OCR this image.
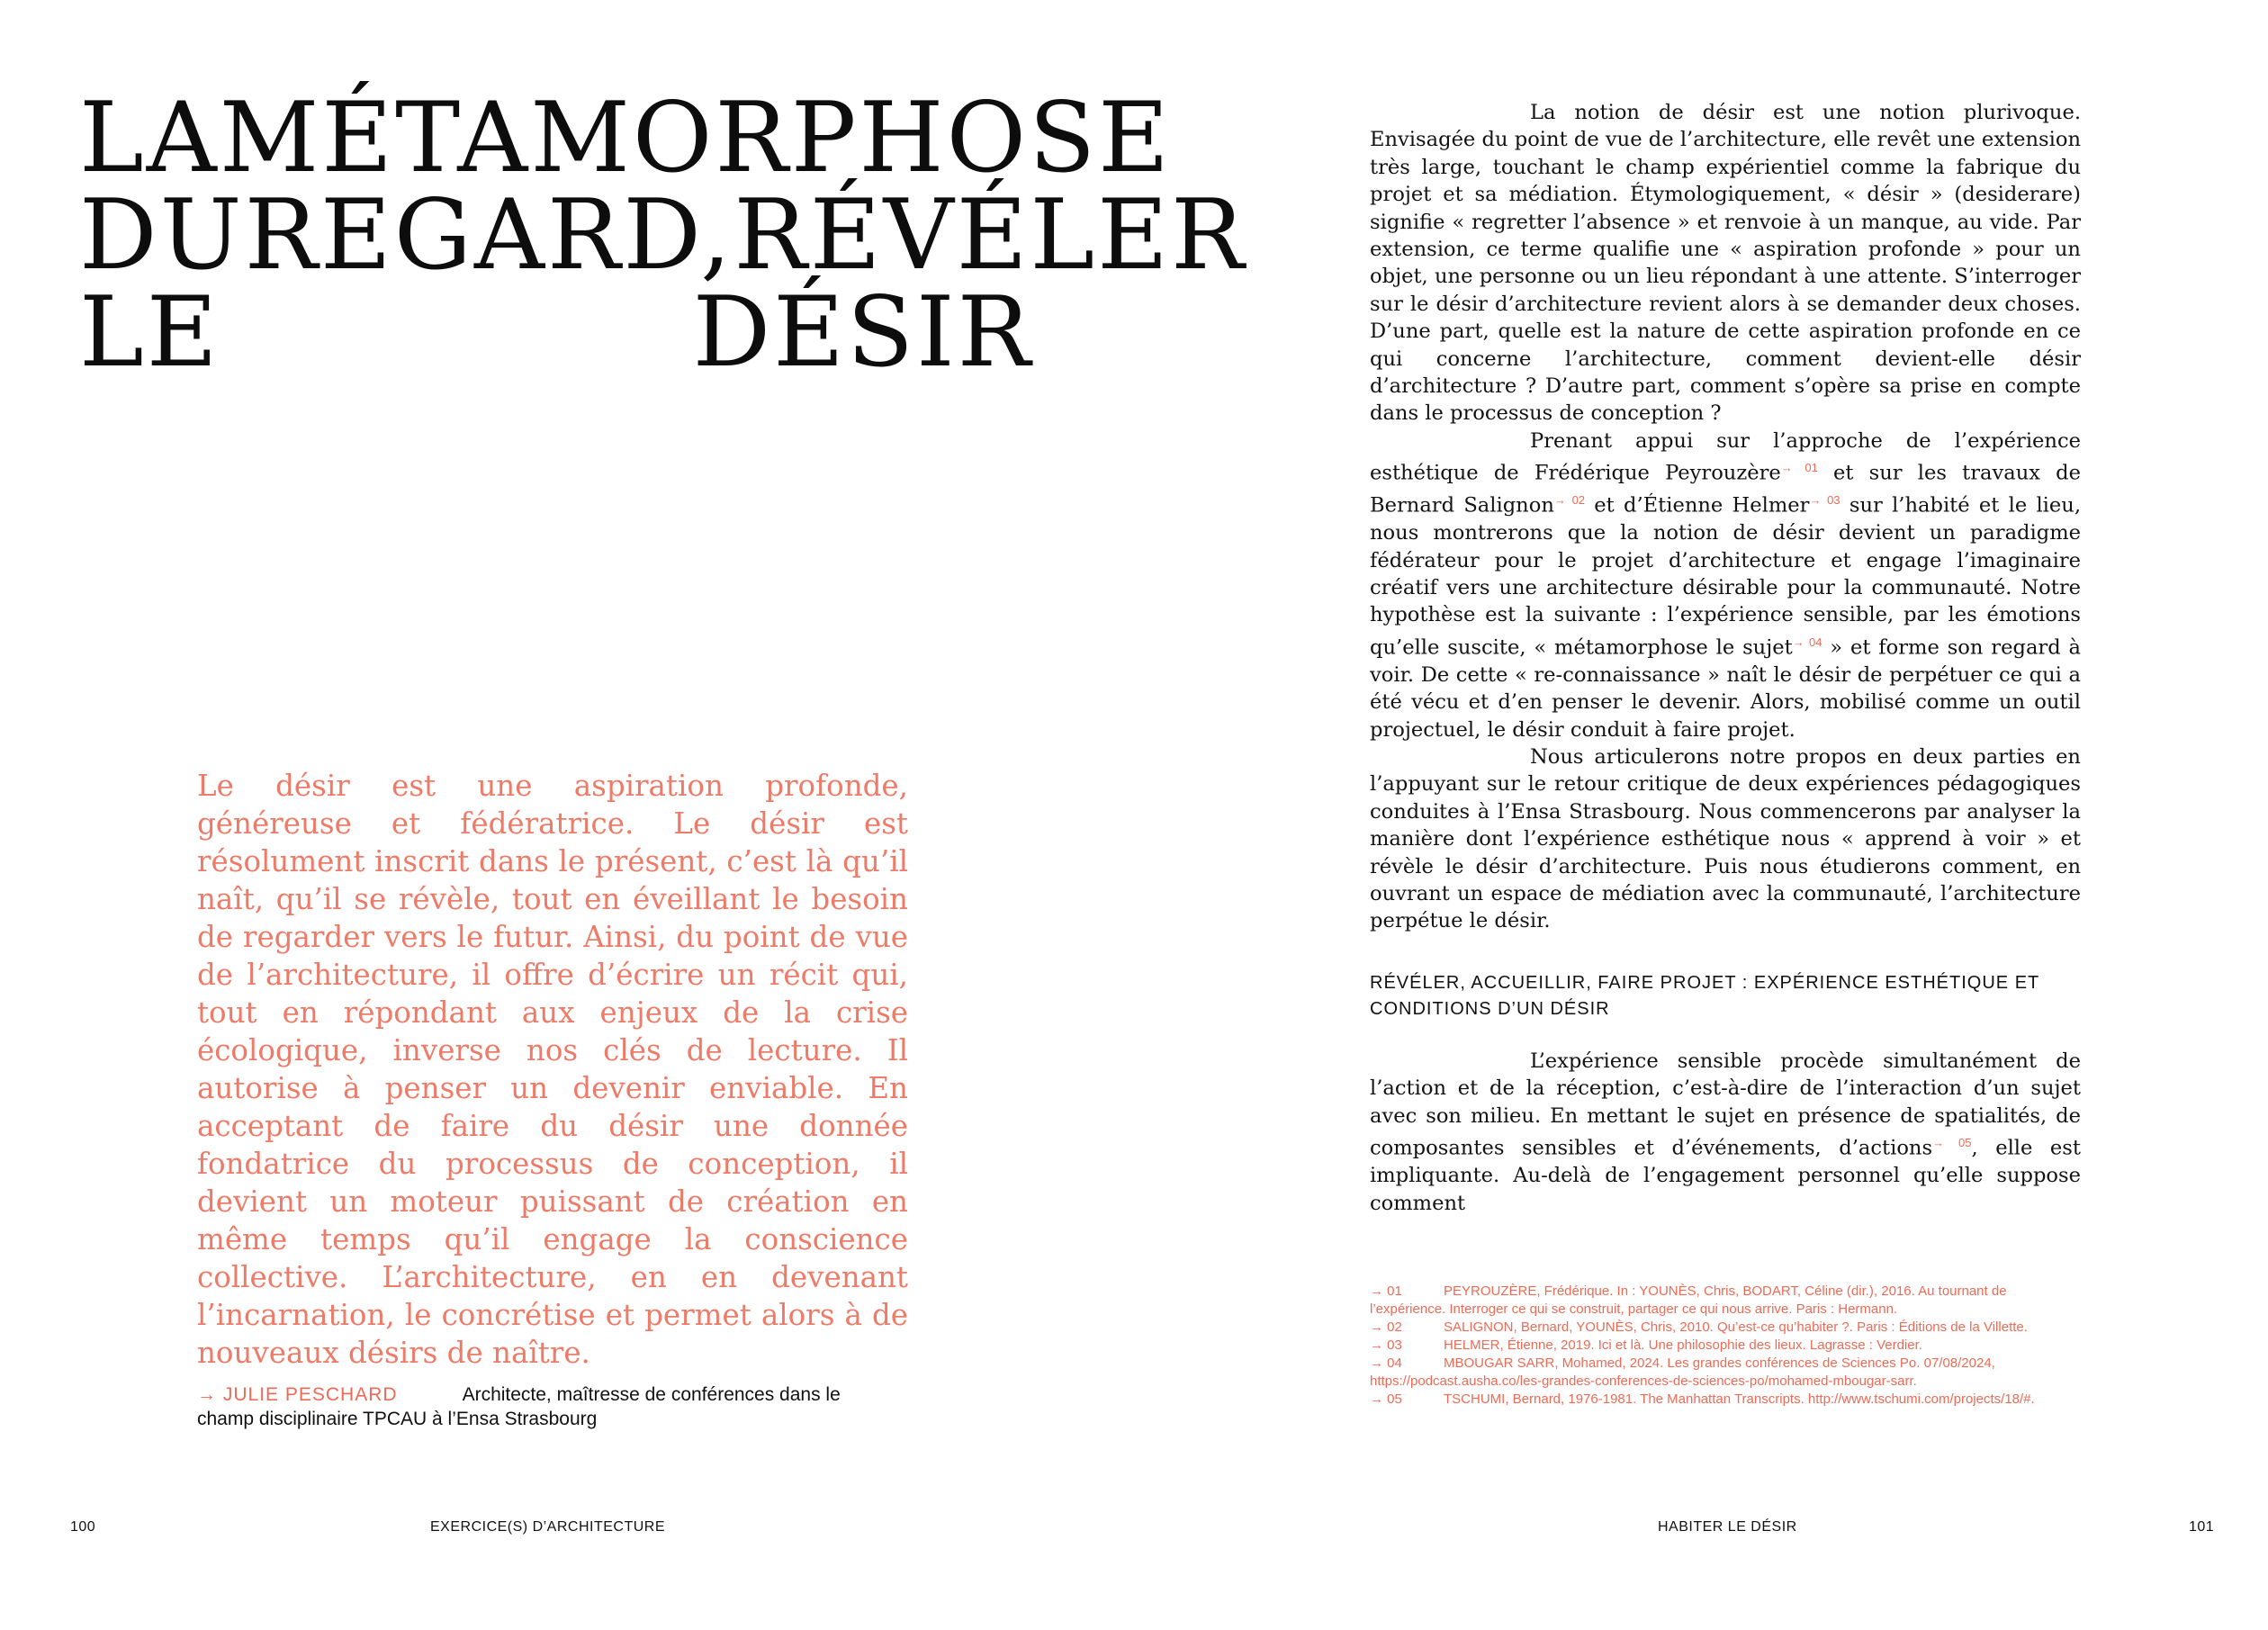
LA MÉTAMORPHOSE
DU REGARD, RÉVÉLER
LE	DÉSIR
Le désir est une aspiration profonde, généreuse et fédératrice. Le désir est résolument inscrit dans le présent, c’est là qu’il naît, qu’il se révèle, tout en éveillant le besoin de regarder vers le futur. Ainsi, du point de vue de l’architecture, il offre d’écrire un récit qui, tout en répondant aux enjeux de la crise écologique, inverse nos clés de lecture. Il autorise à penser un devenir enviable. En acceptant de faire du désir une donnée fondatrice du processus de conception, il devient un moteur puissant de création en même temps qu’il engage la conscience collective. L’architecture, en en devenant l’incarnation, le concrétise et permet alors à de nouveaux désirs de naître.
→ JULIE PESCHARD	Architecte, maîtresse de conférences dans le champ disciplinaire TPCAU à l’Ensa Strasbourg
100	EXERCICE(S) D’ARCHITECTURE

La notion de désir est une notion plurivoque. Envisagée du point de vue de l’architecture, elle revêt une extension très large, touchant le champ expérientiel comme la fabrique du projet et sa médiation. Étymologiquement, « désir » (desiderare) signifie « regretter l’absence » et renvoie à un manque, au vide. Par extension, ce terme qualifie une « aspiration profonde » pour un objet, une personne ou un lieu répondant à une attente. S’interroger sur le désir d’architecture revient alors à se demander deux choses. D’une part, quelle est la nature de cette aspiration profonde en ce qui concerne l’architecture, comment devient-elle désir d’architecture ? D’autre part, comment s’opère sa prise en compte dans le processus de conception ?

Prenant appui sur l’approche de l’expérience esthétique de Frédérique Peyrouzère$^{\to 01}$ et sur les travaux de Bernard Salignon$^{\to 02}$ et d’Étienne Helmer$^{\to 03}$ sur l’habité et le lieu, nous montrerons que la notion de désir devient un paradigme fédérateur pour le projet d’architecture et engage l’imaginaire créatif vers une architecture désirable pour la communauté. Notre hypothèse est la suivante : l’expérience sensible, par les émotions qu’elle suscite, « métamorphose le sujet$^{\to 04}$ » et forme son regard à voir. De cette « re-connaissance » naît le désir de perpétuer ce qui a été vécu et d’en penser le devenir. Alors, mobilisé comme un outil projectuel, le désir conduit à faire projet.

Nous articulerons notre propos en deux parties en l’appuyant sur le retour critique de deux expériences pédagogiques conduites à l’Ensa Strasbourg. Nous commencerons par analyser la manière dont l’expérience esthétique nous « apprend à voir » et révèle le désir d’architecture. Puis nous étudierons comment, en ouvrant un espace de médiation avec la communauté, l’architecture perpétue le désir.

RÉVÉLER, ACCUEILLIR, FAIRE PROJET : EXPÉRIENCE ESTHÉTIQUE ET CONDITIONS D’UN DÉSIR

L’expérience sensible procède simultanément de l’action et de la réception, c’est-à-dire de l’interaction d’un sujet avec son milieu. En mettant le sujet en présence de spatialités, de composantes sensibles et d’événements, d’actions$^{\to 05}$, elle est impliquante. Au-delà de l’engagement personnel qu’elle suppose comment

→ 01	PEYROUZÈRE, Frédérique. In : YOUNÈS, Chris, BODART, Céline (dir.), 2016. Au tournant de l’expérience. Interroger ce qui se construit, partager ce qui nous arrive. Paris : Hermann.
→ 02	SALIGNON, Bernard, YOUNÈS, Chris, 2010. Qu’est-ce qu’habiter ?. Paris : Éditions de la Villette.
→ 03	HELMER, Étienne, 2019. Ici et là. Une philosophie des lieux. Lagrasse : Verdier.
→ 04	MBOUGAR SARR, Mohamed, 2024. Les grandes conférences de Sciences Po. 07/08/2024, https://podcast.ausha.co/les-grandes-conferences-de-sciences-po/mohamed-mbougar-sarr.
→ 05	TSCHUMI, Bernard, 1976-1981. The Manhattan Transcripts. http://www.tschumi.com/projects/18/#.
HABITER LE DÉSIR	101
